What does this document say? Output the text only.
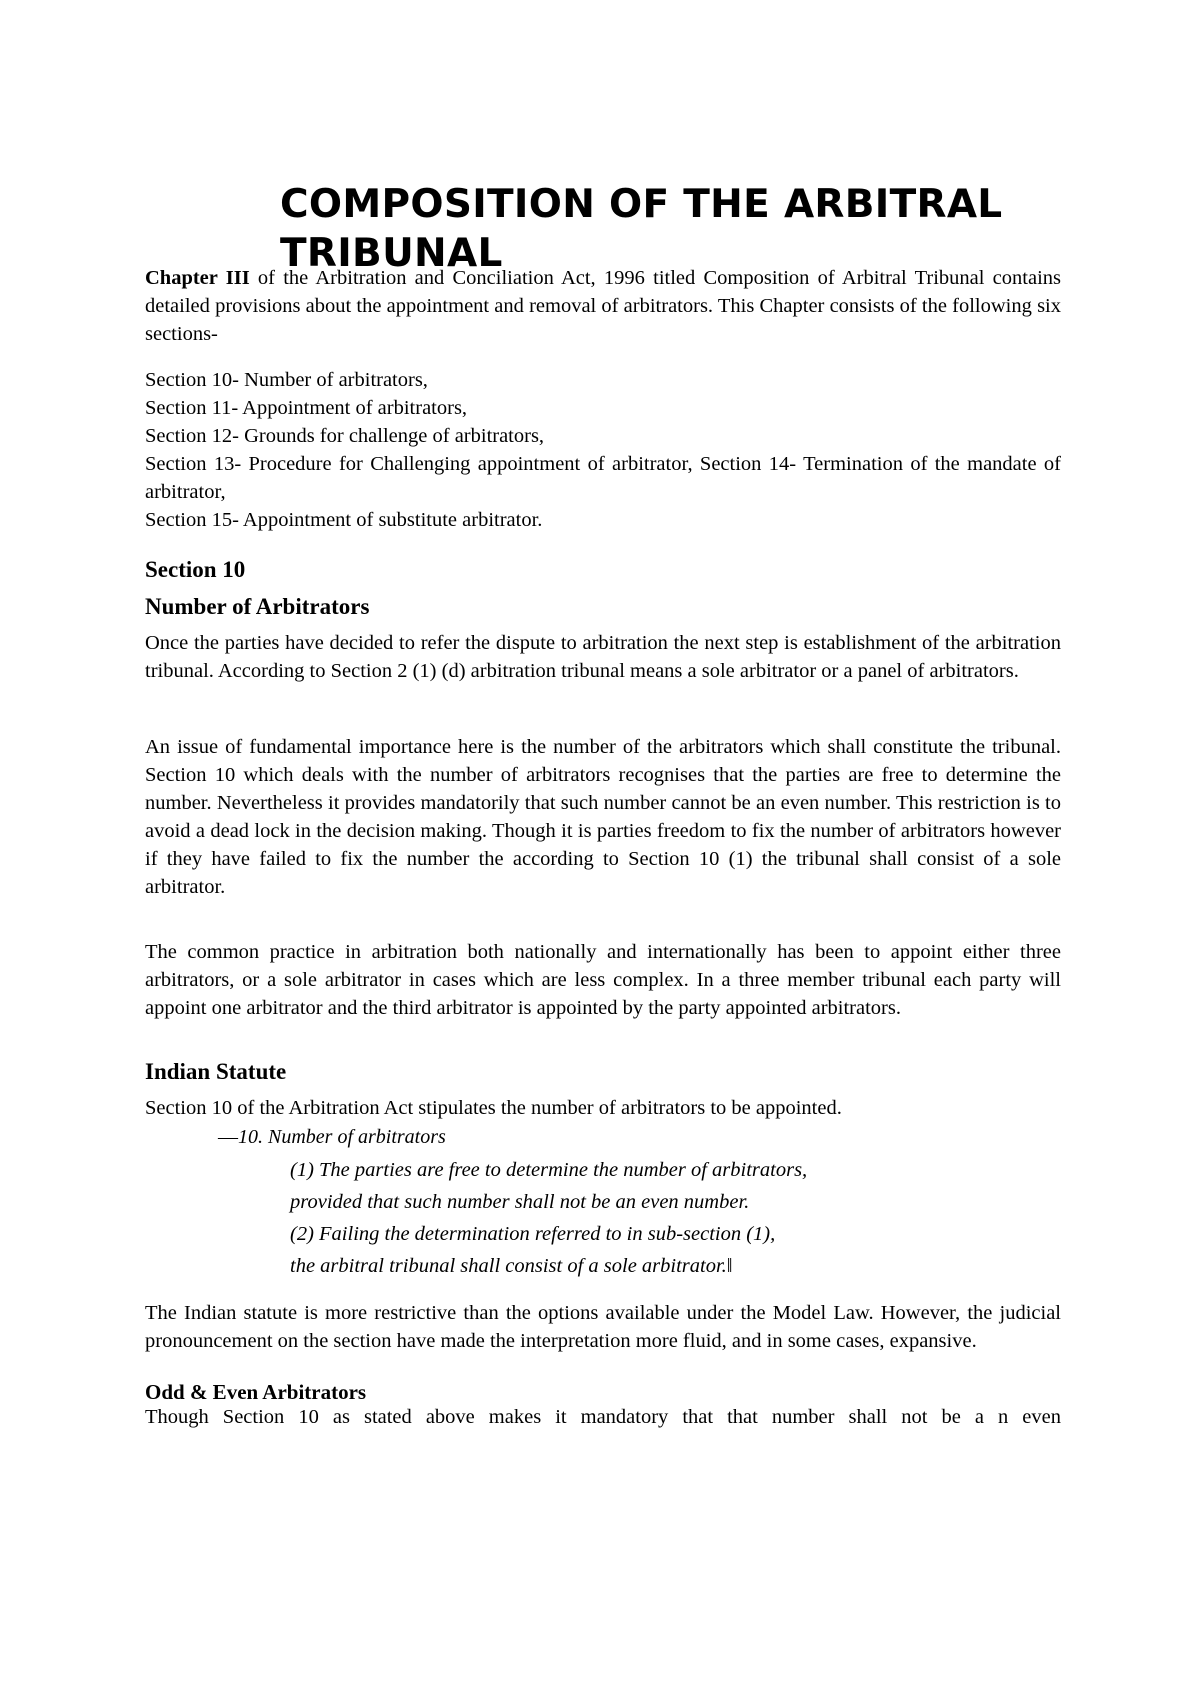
COMPOSITION OF THE ARBITRAL TRIBUNAL

Chapter III of the Arbitration and Conciliation Act, 1996 titled Composition of Arbitral Tribunal contains detailed provisions about the appointment and removal of arbitrators. This Chapter consists of the following six sections-

Section 10- Number of arbitrators,
Section 11- Appointment of arbitrators,
Section 12- Grounds for challenge of arbitrators,
Section 13- Procedure for Challenging appointment of arbitrator, Section 14- Termination of the mandate of arbitrator,
Section 15- Appointment of substitute arbitrator.
Section 10
Number of Arbitrators

Once the parties have decided to refer the dispute to arbitration the next step is establishment of the arbitration tribunal. According to Section 2 (1) (d) arbitration tribunal means a sole arbitrator or a panel of arbitrators.

An issue of fundamental importance here is the number of the arbitrators which shall constitute the tribunal. Section 10 which deals with the number of arbitrators recognises that the parties are free to determine the number. Nevertheless it provides mandatorily that such number cannot be an even number. This restriction is to avoid a dead lock in the decision making. Though it is parties freedom to fix the number of arbitrators however if they have failed to fix the number the according to Section 10 (1) the tribunal shall consist of a sole arbitrator.

The common practice in arbitration both nationally and internationally has been to appoint either three arbitrators, or a sole arbitrator in cases which are less complex. In a three member tribunal each party will appoint one arbitrator and the third arbitrator is appointed by the party appointed arbitrators.

Indian Statute

Section 10 of the Arbitration Act stipulates the number of arbitrators to be appointed.

―10. Number of arbitrators
(1) The parties are free to determine the number of arbitrators,
provided that such number shall not be an even number.
(2) Failing the determination referred to in sub-section (1),
the arbitral tribunal shall consist of a sole arbitrator.‖

The Indian statute is more restrictive than the options available under the Model Law. However, the judicial pronouncement on the section have made the interpretation more fluid, and in some cases, expansive.

Odd & Even Arbitrators

Though Section 10 as stated above makes it mandatory that that number shall not be a n even
